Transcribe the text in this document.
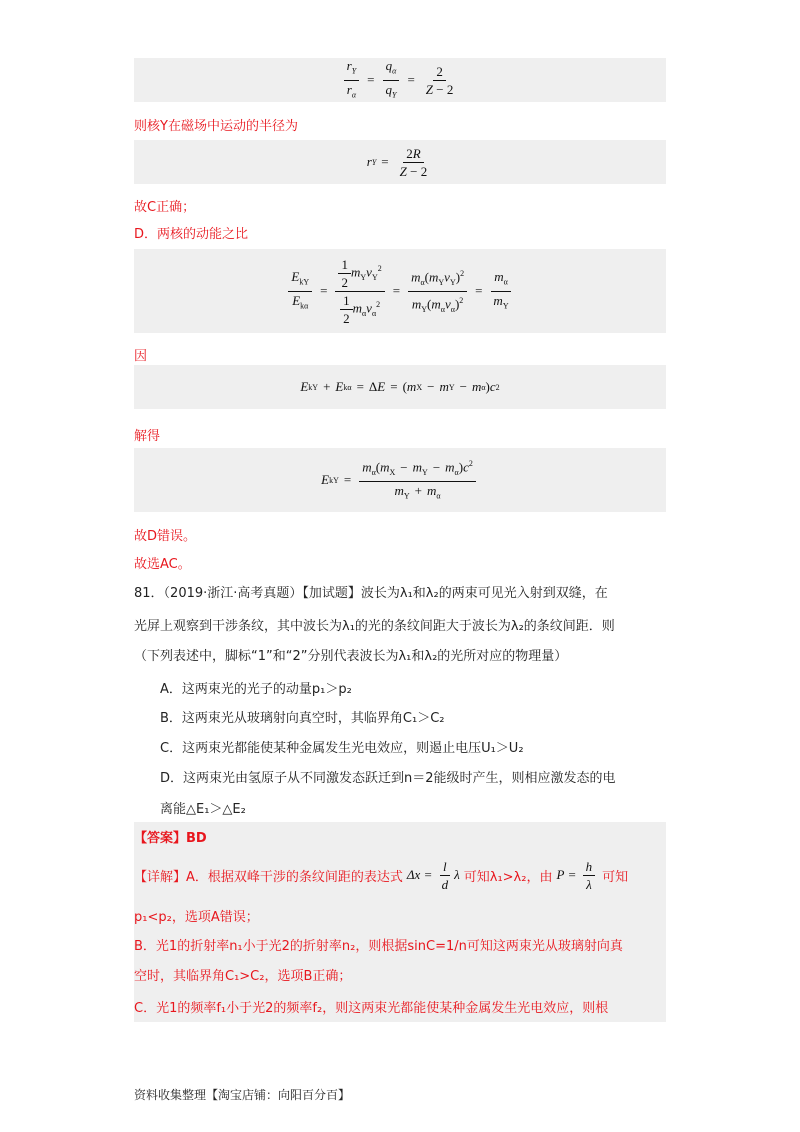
$\frac{r_Y}{r_\alpha} = \frac{q_\alpha}{q_Y} = \frac{2}{Z - 2}$
则核Y在磁场中运动的半径为
r $Y = \frac{2R}{Z - 2}$
故C正确；
D．两核的动能之比
$\frac{E_{kY}}{E_{k\alpha}} = \frac{\frac{1}{2} m_Yv_Y^2}{\frac{1}{2} m_\alpha v_\alpha^2} = \frac{m_\alpha(m_Yv_Y)^2}{m_Y(m_\alpha v_\alpha)^2} = \frac{m_\alpha}{m_Y}$
因
E kY + E kα = Δ E = ( m X − m Y − m α ) c 2
解得
E kY = $\frac{m_\alpha(m_X - m_Y - m_\alpha)c^2}{m_Y + m_\alpha}$
故D错误。
故选AC。
81．（2019·浙江·高考真题）【加试题】波长为λ₁和λ₂的两束可见光入射到双缝，在
光屏上观察到干涉条纹，其中波长为λ₁的光的条纹间距大于波长为λ₂的条纹间距．则
（下列表述中，脚标“1”和“2”分别代表波长为λ₁和λ₂的光所对应的物理量）
A．这两束光的光子的动量p₁＞p₂
B．这两束光从玻璃射向真空时，其临界角C₁＞C₂
C．这两束光都能使某种金属发生光电效应，则遏止电压U₁＞U₂
D．这两束光由氢原子从不同激发态跃迁到n＝2能级时产生，则相应激发态的电
离能△E₁＞△E₂
【答案】BD
【详解】A．根据双峰干涉的条纹间距的表达式 Δ $x = \frac{l}{d}$ λ 可知λ₁>λ₂，由 $P = \frac{h}{\lambda}$ 可知
p₁<p₂，选项A错误；
B．光1的折射率n₁小于光2的折射率n₂，则根据sinC=1/n可知这两束光从玻璃射向真
空时，其临界角C₁>C₂，选项B正确；
C．光1的频率f₁小于光2的频率f₂，则这两束光都能使某种金属发生光电效应，则根
资料收集整理【淘宝店铺：向阳百分百】
